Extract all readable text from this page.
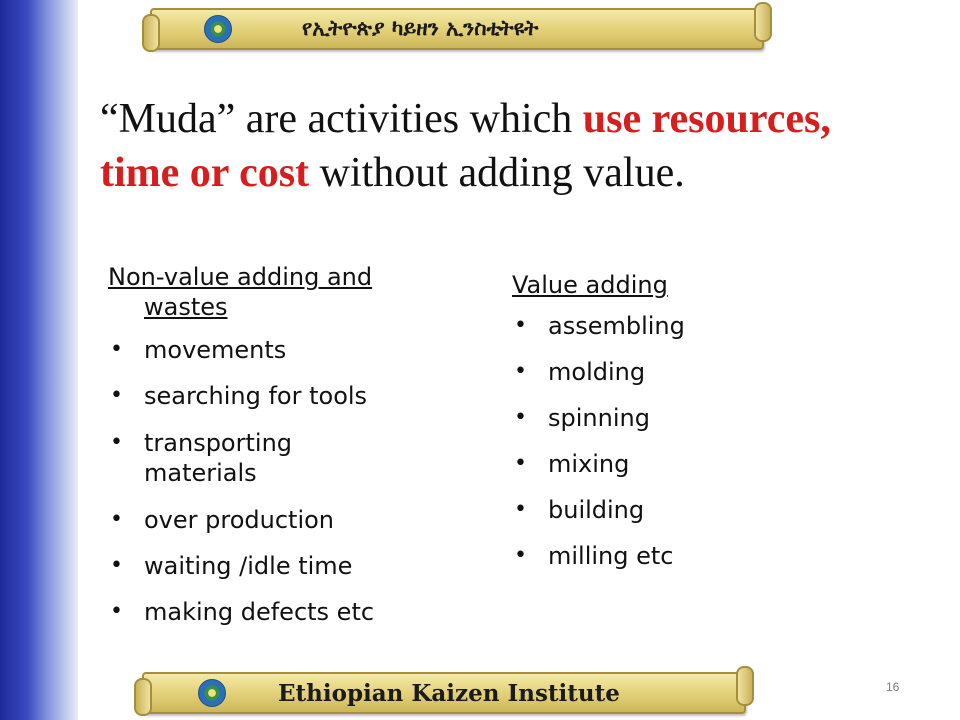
የኢትዮጵያ ካይዘን ኢንስቲትዩት
“Muda” are activities which use resources,
time or cost without adding value.
Non-value adding and
wastes
• movements
• searching for tools
• transporting materials
• over production
• waiting /idle time
• making defects etc
Value adding
• assembling
• molding
• spinning
• mixing
• building
• milling etc
Ethiopian Kaizen Institute	16
